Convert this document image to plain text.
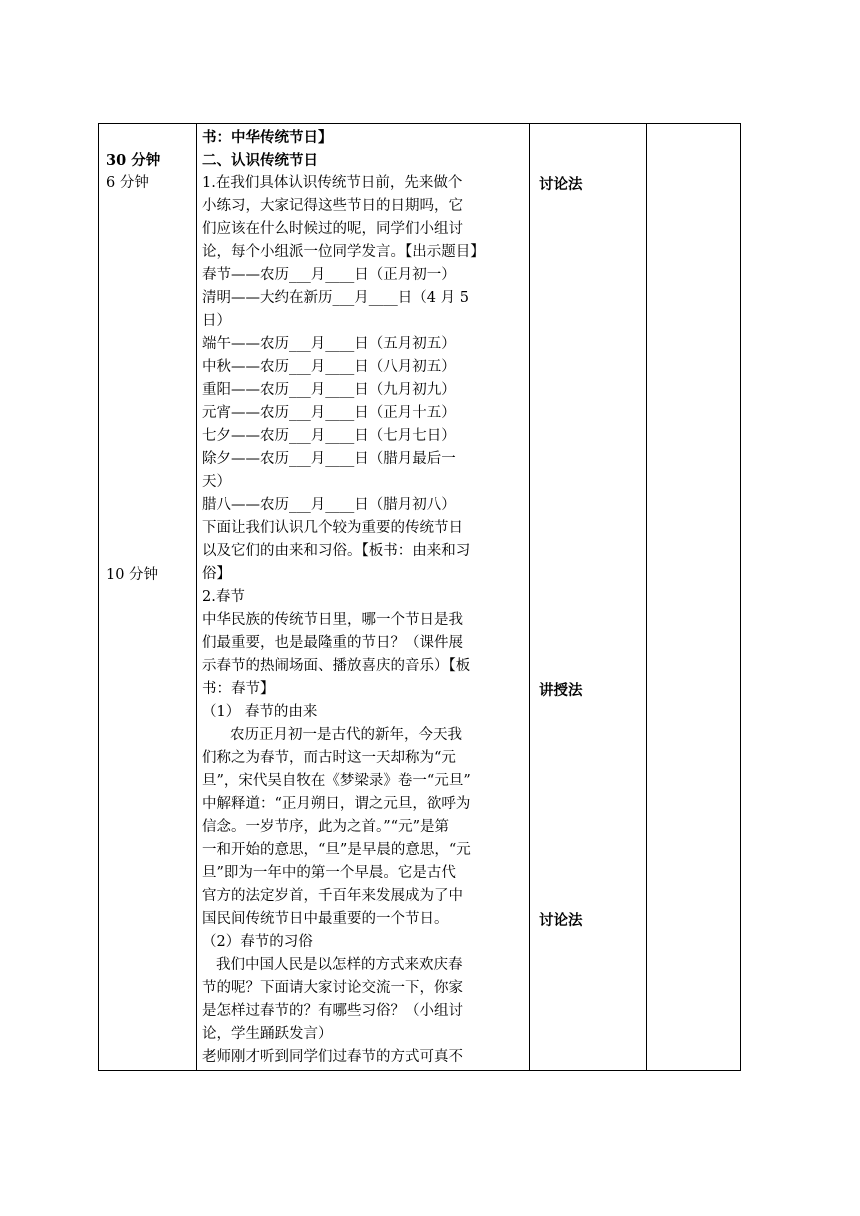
30 分钟
6 分钟
10 分钟
书：中华传统节日】
二、认识传统节日
1.在我们具体认识传统节日前，先来做个
小练习，大家记得这些节日的日期吗，它
们应该在什么时候过的呢，同学们小组讨
论，每个小组派一位同学发言。【出示题目】
春节——农历___月____日（正月初一）
清明——大约在新历___月____日（4 月 5
日）
端午——农历___月____日（五月初五）
中秋——农历___月____日（八月初五）
重阳——农历___月____日（九月初九）
元宵——农历___月____日（正月十五）
七夕——农历___月____日（七月七日）
除夕——农历___月____日（腊月最后一
天）
腊八——农历___月____日（腊月初八）
下面让我们认识几个较为重要的传统节日
以及它们的由来和习俗。【板书：由来和习
俗】
2.春节
中华民族的传统节日里，哪一个节日是我
们最重要，也是最隆重的节日？（课件展
示春节的热闹场面、播放喜庆的音乐）【板
书：春节】
（1） 春节的由来
农历正月初一是古代的新年，今天我
们称之为春节，而古时这一天却称为“元
旦”，宋代吴自牧在《梦梁录》卷一“元旦”
中解释道：“正月朔日，谓之元旦，欲呼为
信念。一岁节序，此为之首。”“元”是第
一和开始的意思，“旦”是早晨的意思，“元
旦”即为一年中的第一个早晨。它是古代
官方的法定岁首，千百年来发展成为了中
国民间传统节日中最重要的一个节日。
（2）春节的习俗
我们中国人民是以怎样的方式来欢庆春
节的呢？下面请大家讨论交流一下，你家
是怎样过春节的？有哪些习俗？（小组讨
论，学生踊跃发言）
老师刚才听到同学们过春节的方式可真不
讨论法
讲授法
讨论法
